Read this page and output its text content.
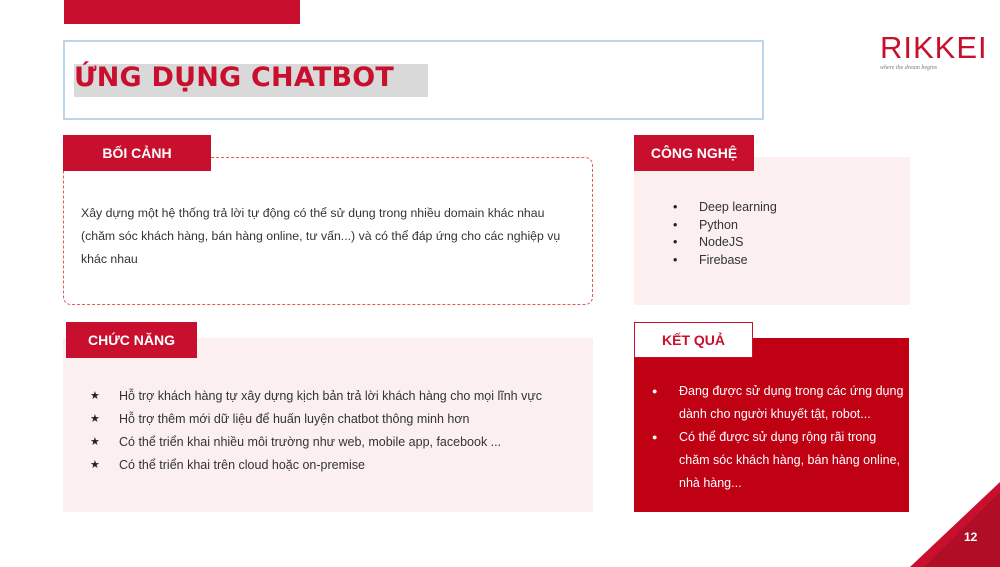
ỨNG DỤNG CHATBOT
RIKKEI
where the dream begins
BỐI CẢNH
Xây dựng một hệ thống trả lời tự động có thể sử dụng trong nhiều domain khác nhau
(chăm sóc khách hàng, bán hàng online, tư vấn...) và có thể đáp ứng cho các nghiệp vụ
khác nhau
CÔNG NGHỆ
• Deep learning
• Python
• NodeJS
• Firebase
CHỨC NĂNG
★	Hỗ trợ khách hàng tự xây dựng kịch bản trả lời khách hàng cho mọi lĩnh vực
★	Hỗ trợ thêm mới dữ liệu để huấn luyện chatbot thông minh hơn
★	Có thể triển khai nhiều môi trường như web, mobile app, facebook ...
★	Có thể triển khai trên cloud hoặc on-premise
KẾT QUẢ
● Đang được sử dụng trong các ứng dụng dành cho người khuyết tật, robot...
● Có thể được sử dụng rộng rãi trong chăm sóc khách hàng, bán hàng online, nhà hàng...
12
